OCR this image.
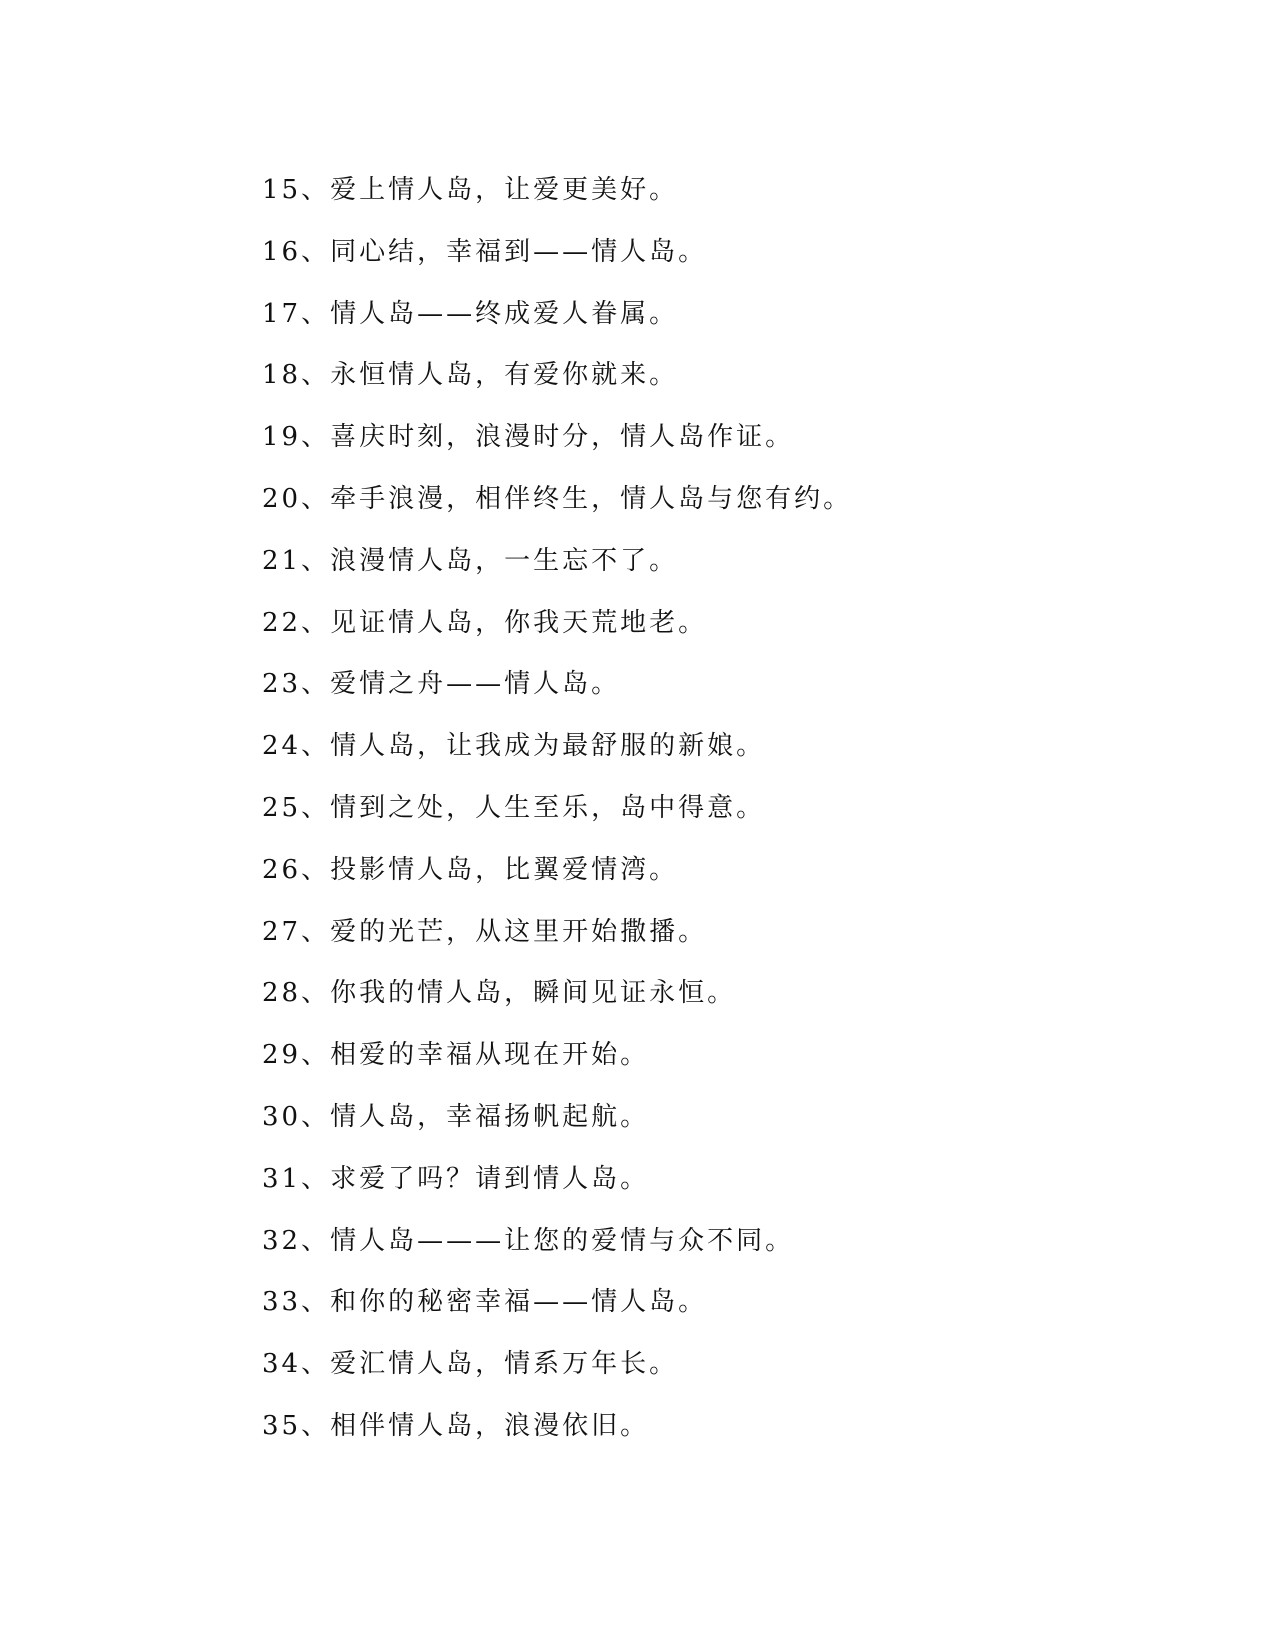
15、爱上情人岛，让爱更美好。
16、同心结，幸福到——情人岛。
17、情人岛——终成爱人眷属。
18、永恒情人岛，有爱你就来。
19、喜庆时刻，浪漫时分，情人岛作证。
20、牵手浪漫，相伴终生，情人岛与您有约。
21、浪漫情人岛，一生忘不了。
22、见证情人岛，你我天荒地老。
23、爱情之舟——情人岛。
24、情人岛，让我成为最舒服的新娘。
25、情到之处，人生至乐，岛中得意。
26、投影情人岛，比翼爱情湾。
27、爱的光芒，从这里开始撒播。
28、你我的情人岛，瞬间见证永恒。
29、相爱的幸福从现在开始。
30、情人岛，幸福扬帆起航。
31、求爱了吗？请到情人岛。
32、情人岛———让您的爱情与众不同。
33、和你的秘密幸福——情人岛。
34、爱汇情人岛，情系万年长。
35、相伴情人岛，浪漫依旧。
